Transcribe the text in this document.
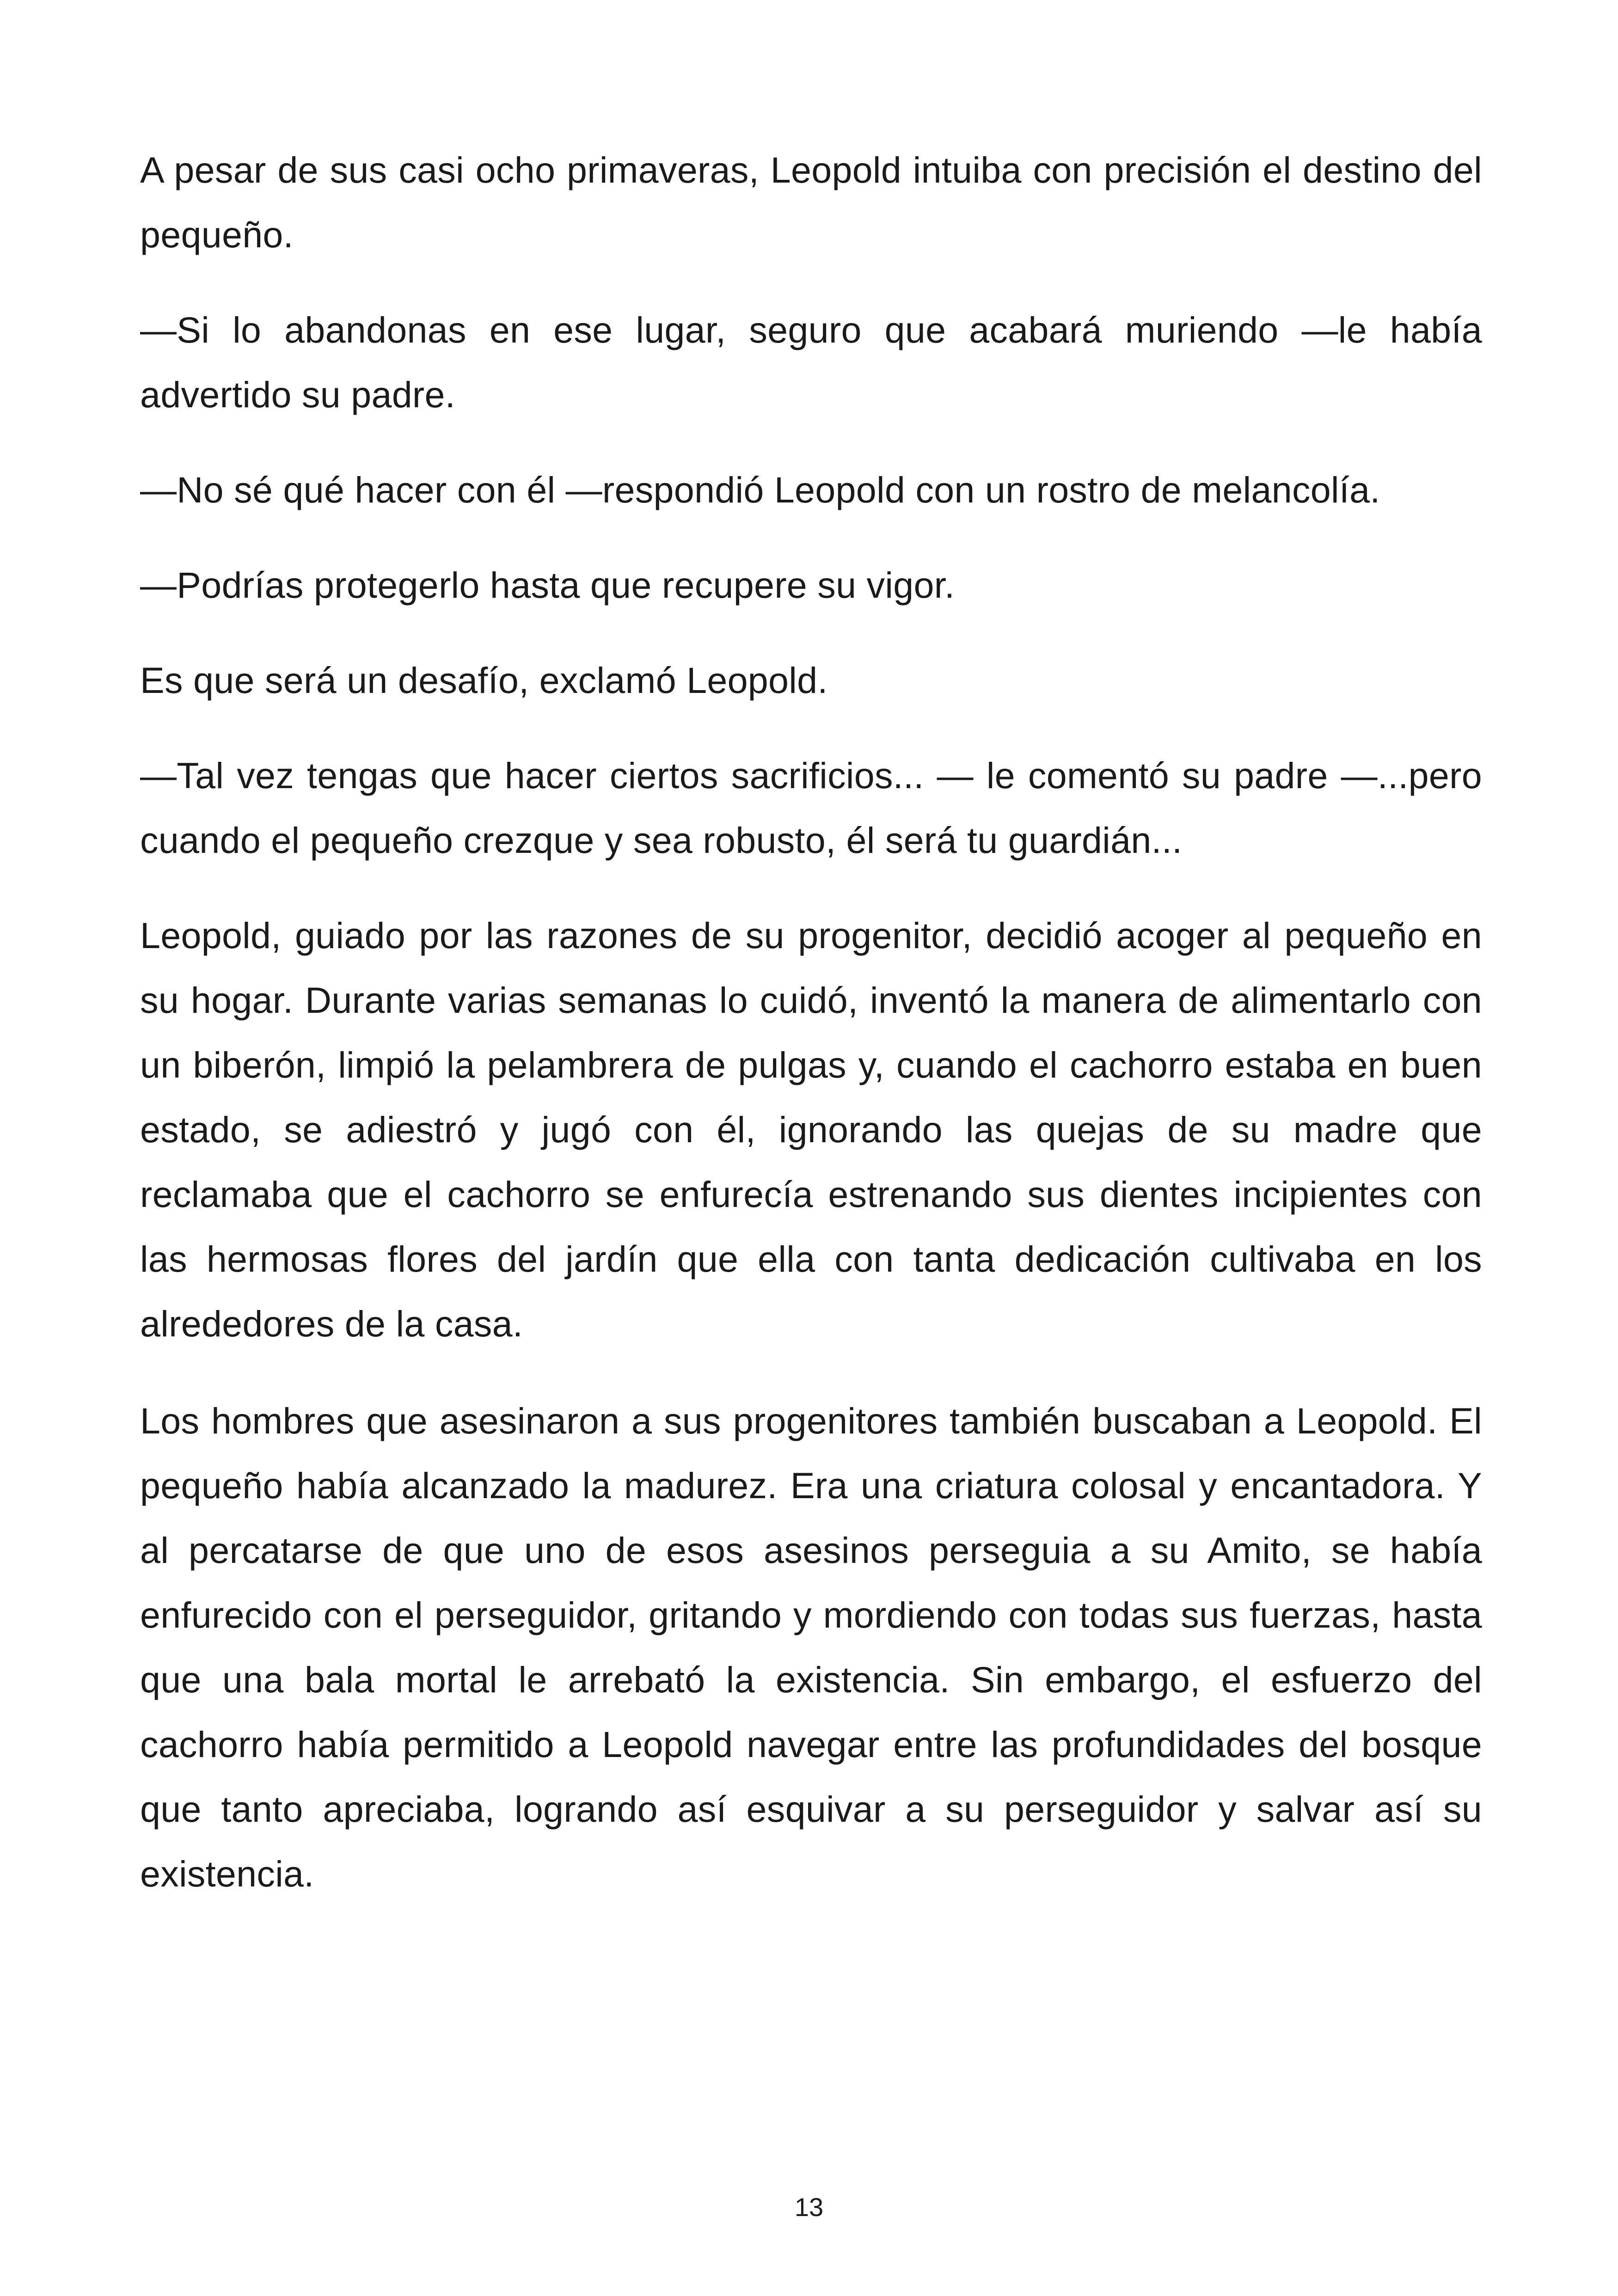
A pesar de sus casi ocho primaveras, Leopold intuiba con precisión el destino del pequeño.

—Si lo abandonas en ese lugar, seguro que acabará muriendo —le había advertido su padre.

—No sé qué hacer con él —respondió Leopold con un rostro de melancolía.

—Podrías protegerlo hasta que recupere su vigor.

Es que será un desafío, exclamó Leopold.

—Tal vez tengas que hacer ciertos sacrificios... — le comentó su padre —...pero cuando el pequeño crezque y sea robusto, él será tu guardián...

Leopold, guiado por las razones de su progenitor, decidió acoger al pequeño en su hogar. Durante varias semanas lo cuidó, inventó la manera de alimentarlo con un biberón, limpió la pelambrera de pulgas y, cuando el cachorro estaba en buen estado, se adiestró y jugó con él, ignorando las quejas de su madre que reclamaba que el cachorro se enfurecía estrenando sus dientes incipientes con las hermosas flores del jardín que ella con tanta dedicación cultivaba en los alrededores de la casa.

Los hombres que asesinaron a sus progenitores también buscaban a Leopold. El pequeño había alcanzado la madurez. Era una criatura colosal y encantadora. Y al percatarse de que uno de esos asesinos perseguia a su Amito, se había enfurecido con el perseguidor, gritando y mordiendo con todas sus fuerzas, hasta que una bala mortal le arrebató la existencia. Sin embargo, el esfuerzo del cachorro había permitido a Leopold navegar entre las profundidades del bosque que tanto apreciaba, logrando así esquivar a su perseguidor y salvar así su existencia.

13
